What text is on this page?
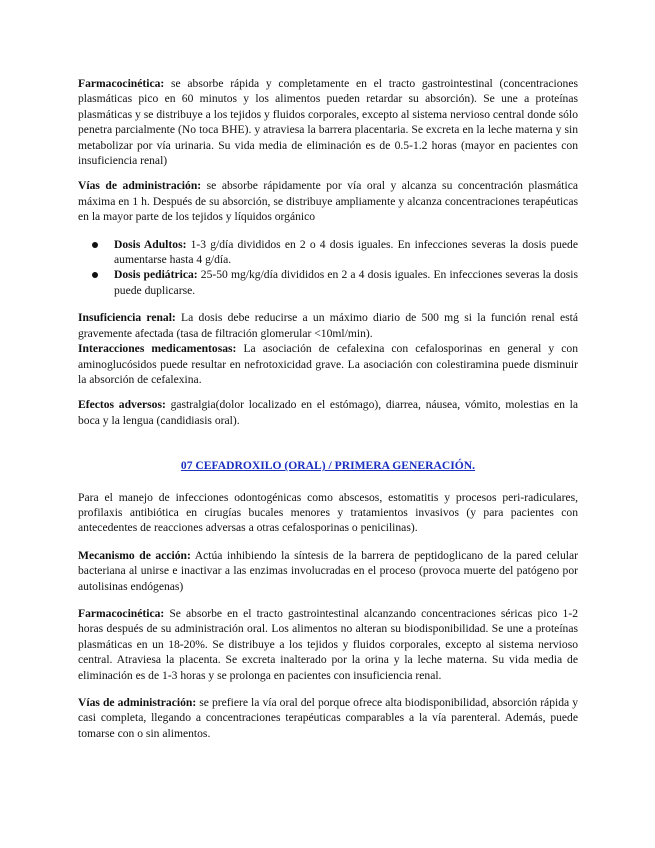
Farmacocinética: se absorbe rápida y completamente en el tracto gastrointestinal (concentraciones plasmáticas pico en 60 minutos y los alimentos pueden retardar su absorción). Se une a proteínas plasmáticas y se distribuye a los tejidos y fluidos corporales, excepto al sistema nervioso central donde sólo penetra parcialmente (No toca BHE). y atraviesa la barrera placentaria. Se excreta en la leche materna y sin metabolizar por vía urinaria. Su vida media de eliminación es de 0.5-1.2 horas (mayor en pacientes con insuficiencia renal)

Vías de administración: se absorbe rápidamente por vía oral y alcanza su concentración plasmática máxima en 1 h. Después de su absorción, se distribuye ampliamente y alcanza concentraciones terapéuticas en la mayor parte de los tejidos y líquidos orgánico

Dosis Adultos: 1-3 g/día divididos en 2 o 4 dosis iguales. En infecciones severas la dosis puede aumentarse hasta 4 g/día.
Dosis pediátrica: 25-50 mg/kg/día divididos en 2 a 4 dosis iguales. En infecciones severas la dosis puede duplicarse.

Insuficiencia renal: La dosis debe reducirse a un máximo diario de 500 mg si la función renal está gravemente afectada (tasa de filtración glomerular <10ml/min).

Interacciones medicamentosas: La asociación de cefalexina con cefalosporinas en general y con aminoglucósidos puede resultar en nefrotoxicidad grave. La asociación con colestiramina puede disminuir la absorción de cefalexina.

Efectos adversos: gastralgia(dolor localizado en el estómago), diarrea, náusea, vómito, molestias en la boca y la lengua (candidiasis oral).

07 CEFADROXILO (ORAL) / PRIMERA GENERACIÓN.

Para el manejo de infecciones odontogénicas como abscesos, estomatitis y procesos peri-radiculares, profilaxis antibiótica en cirugías bucales menores y tratamientos invasivos (y para pacientes con antecedentes de reacciones adversas a otras cefalosporinas o penicilinas).

Mecanismo de acción: Actúa inhibiendo la síntesis de la barrera de peptidoglicano de la pared celular bacteriana al unirse e inactivar a las enzimas involucradas en el proceso (provoca muerte del patógeno por autolisinas endógenas)

Farmacocinética: Se absorbe en el tracto gastrointestinal alcanzando concentraciones séricas pico 1-2 horas después de su administración oral. Los alimentos no alteran su biodisponibilidad. Se une a proteínas plasmáticas en un 18-20%. Se distribuye a los tejidos y fluidos corporales, excepto al sistema nervioso central. Atraviesa la placenta. Se excreta inalterado por la orina y la leche materna. Su vida media de eliminación es de 1-3 horas y se prolonga en pacientes con insuficiencia renal.

Vías de administración: se prefiere la vía oral del porque ofrece alta biodisponibilidad, absorción rápida y casi completa, llegando a concentraciones terapéuticas comparables a la vía parenteral. Además, puede tomarse con o sin alimentos.
